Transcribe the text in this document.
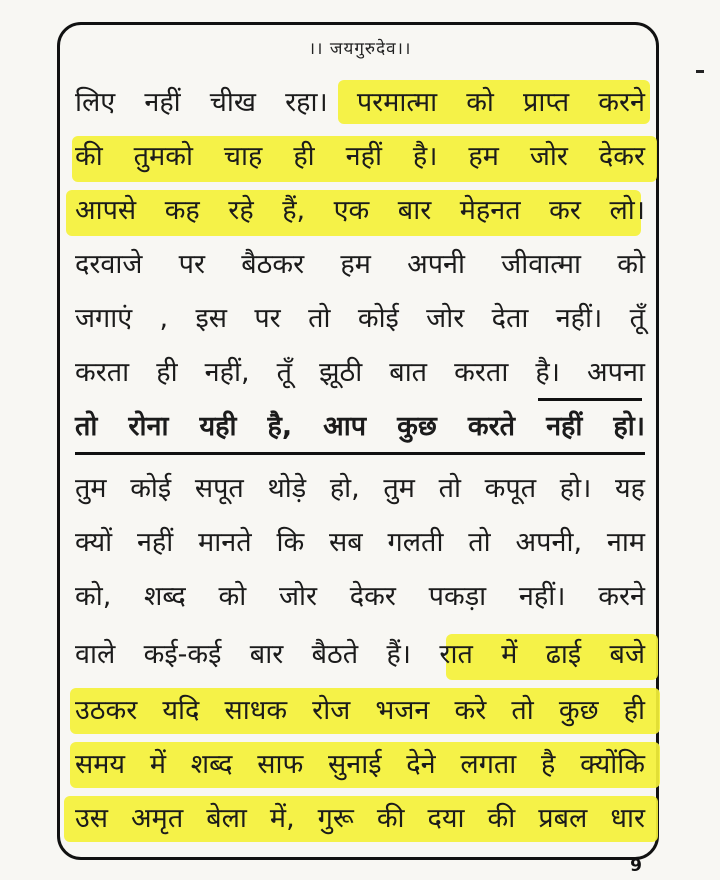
।। जयगुरुदेव।।
लिए नहीं चीख रहा। परमात्मा को प्राप्त करने
की तुमको चाह ही नहीं है। हम जोर देकर
आपसे कह रहे हैं, एक बार मेहनत कर लो।
दरवाजे पर बैठकर हम अपनी जीवात्मा को
जगाएं , इस पर तो कोई जोर देता नहीं। तूँ
करता ही नहीं, तूँ झूठी बात करता है। अपना
तो रोना यही है, आप कुछ करते नहीं हो।
तुम कोई सपूत थोड़े हो, तुम तो कपूत हो। यह
क्यों नहीं मानते कि सब गलती तो अपनी, नाम
को, शब्द को जोर देकर पकड़ा नहीं। करने
वाले कई-कई बार बैठते हैं। रात में ढाई बजे
उठकर यदि साधक रोज भजन करे तो कुछ ही
समय में शब्द साफ सुनाई देने लगता है क्योंकि
उस अमृत बेला में, गुरू की दया की प्रबल धार
9
